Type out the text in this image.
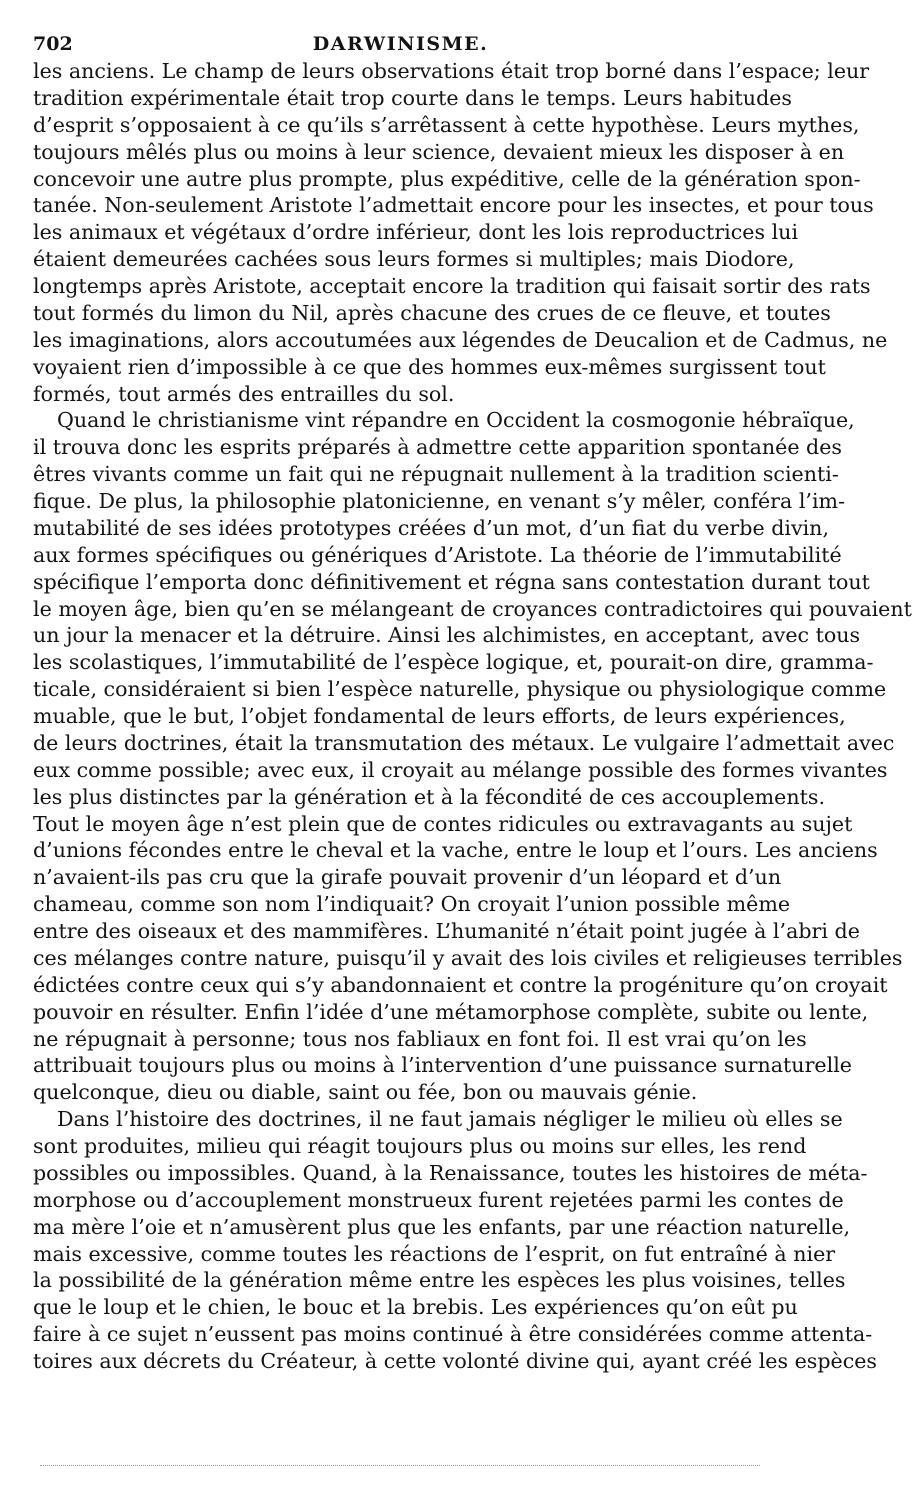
DARWINISME.
702
les anciens. Le champ de leurs observations était trop borné dans l’espace; leur
tradition expérimentale était trop courte dans le temps. Leurs habitudes
d’esprit s’opposaient à ce qu’ils s’arrêtassent à cette hypothèse. Leurs mythes,
toujours mêlés plus ou moins à leur science, devaient mieux les disposer à en
concevoir une autre plus prompte, plus expéditive, celle de la génération spon-
tanée. Non-seulement Aristote l’admettait encore pour les insectes, et pour tous
les animaux et végétaux d’ordre inférieur, dont les lois reproductrices lui
étaient demeurées cachées sous leurs formes si multiples; mais Diodore,
longtemps après Aristote, acceptait encore la tradition qui faisait sortir des rats
tout formés du limon du Nil, après chacune des crues de ce fleuve, et toutes
les imaginations, alors accoutumées aux légendes de Deucalion et de Cadmus, ne
voyaient rien d’impossible à ce que des hommes eux-mêmes surgissent tout
formés, tout armés des entrailles du sol.
Quand le christianisme vint répandre en Occident la cosmogonie hébraïque,
il trouva donc les esprits préparés à admettre cette apparition spontanée des
êtres vivants comme un fait qui ne répugnait nullement à la tradition scienti-
fique. De plus, la philosophie platonicienne, en venant s’y mêler, conféra l’im-
mutabilité de ses idées prototypes créées d’un mot, d’un fiat du verbe divin,
aux formes spécifiques ou génériques d’Aristote. La théorie de l’immutabilité
spécifique l’emporta donc définitivement et régna sans contestation durant tout
le moyen âge, bien qu’en se mélangeant de croyances contradictoires qui pouvaient
un jour la menacer et la détruire. Ainsi les alchimistes, en acceptant, avec tous
les scolastiques, l’immutabilité de l’espèce logique, et, pourait-on dire, gramma-
ticale, considéraient si bien l’espèce naturelle, physique ou physiologique comme
muable, que le but, l’objet fondamental de leurs efforts, de leurs expériences,
de leurs doctrines, était la transmutation des métaux. Le vulgaire l’admettait avec
eux comme possible; avec eux, il croyait au mélange possible des formes vivantes
les plus distinctes par la génération et à la fécondité de ces accouplements.
Tout le moyen âge n’est plein que de contes ridicules ou extravagants au sujet
d’unions fécondes entre le cheval et la vache, entre le loup et l’ours. Les anciens
n’avaient-ils pas cru que la girafe pouvait provenir d’un léopard et d’un
chameau, comme son nom l’indiquait? On croyait l’union possible même
entre des oiseaux et des mammifères. L’humanité n’était point jugée à l’abri de
ces mélanges contre nature, puisqu’il y avait des lois civiles et religieuses terribles
édictées contre ceux qui s’y abandonnaient et contre la progéniture qu’on croyait
pouvoir en résulter. Enfin l’idée d’une métamorphose complète, subite ou lente,
ne répugnait à personne; tous nos fabliaux en font foi. Il est vrai qu’on les
attribuait toujours plus ou moins à l’intervention d’une puissance surnaturelle
quelconque, dieu ou diable, saint ou fée, bon ou mauvais génie.
Dans l’histoire des doctrines, il ne faut jamais négliger le milieu où elles se
sont produites, milieu qui réagit toujours plus ou moins sur elles, les rend
possibles ou impossibles. Quand, à la Renaissance, toutes les histoires de méta-
morphose ou d’accouplement monstrueux furent rejetées parmi les contes de
ma mère l’oie et n’amusèrent plus que les enfants, par une réaction naturelle,
mais excessive, comme toutes les réactions de l’esprit, on fut entraîné à nier
la possibilité de la génération même entre les espèces les plus voisines, telles
que le loup et le chien, le bouc et la brebis. Les expériences qu’on eût pu
faire à ce sujet n’eussent pas moins continué à être considérées comme attenta-
toires aux décrets du Créateur, à cette volonté divine qui, ayant créé les espèces
